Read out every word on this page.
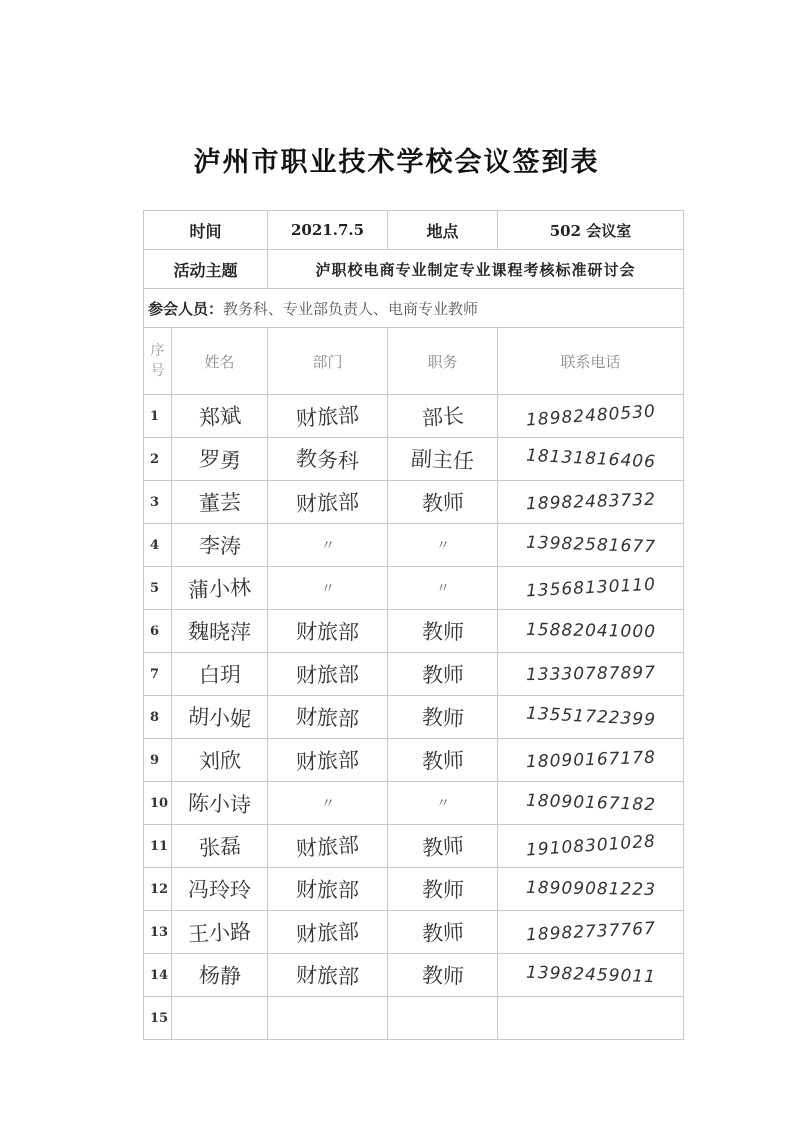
泸州市职业技术学校会议签到表
时间		2021.7.5	地点	502 会议室
活动主题		泸职校电商专业制定专业课程考核标准研讨会		
参会人员：教务科、专业部负责人、电商专业教师				
序号	姓名	部门	职务	联系电话
1	郑斌	财旅部	部长	18982480530
2	罗勇	教务科	副主任	18131816406
3	董芸	财旅部	教师	18982483732
4	李涛	〃	〃	13982581677
5	蒲小林	〃	〃	13568130110
6	魏晓萍	财旅部	教师	15882041000
7	白玥	财旅部	教师	13330787897
8	胡小妮	财旅部	教师	13551722399
9	刘欣	财旅部	教师	18090167178
10	陈小诗	〃	〃	18090167182
11	张磊	财旅部	教师	19108301028
12	冯玲玲	财旅部	教师	18909081223
13	王小路	财旅部	教师	18982737767
14	杨静	财旅部	教师	13982459011
15				
